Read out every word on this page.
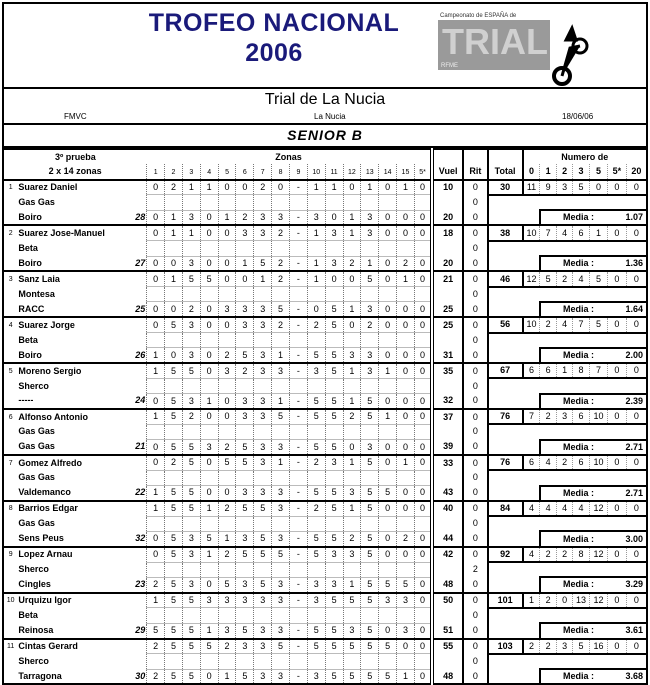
TROFEO NACIONAL
2006
Campeonato de ESPAÑA de
TRIAL
RFME
Trial de La Nucia
FMVC	La Nucia	18/06/06
SENIOR B
3º prueba			Zonas																			Numero de						
2 x 14 zonas			1	2	3	4	5	6	7	8	9	10	11	12	13	14	15	5*	Vuel	Rit	Total	0	1	2	3	5	5*	20
1	Suarez Daniel		0	2	1	1	0	0	2	0	-	1	1	0	1	0	1	0	10	0	30	11	9	3	5	0	0	0
	Gas Gas																			0								
	Boiro	28	0	1	3	0	1	2	3	3	-	3	0	1	3	0	0	0	20	0			Media : 1.07					

2	Suarez Jose-Manuel		0	1	1	0	0	3	3	2	-	1	3	1	3	0	0	0	18	0	38	10	7	4	6	1	0	0
	Beta																			0								
	Boiro	27	0	0	3	0	0	1	5	2	-	1	3	2	1	0	2	0	20	0			Media : 1.36					

3	Sanz Laia		0	1	5	5	0	0	1	2	-	1	0	0	5	0	1	0	21	0	46	12	5	2	4	5	0	0
	Montesa																			0								
	RACC	25	0	0	2	0	3	3	3	5	-	0	5	1	3	0	0	0	25	0			Media : 1.64					

4	Suarez Jorge		0	5	3	0	0	3	3	2	-	2	5	0	2	0	0	0	25	0	56	10	2	4	7	5	0	0
	Beta																			0								
	Boiro	26	1	0	3	0	2	5	3	1	-	5	5	3	3	0	0	0	31	0			Media : 2.00					

5	Moreno Sergio		1	5	5	0	3	2	3	3	-	3	5	1	3	1	0	0	35	0	67	6	6	1	8	7	0	0
	Sherco																			0								
	-----	24	0	5	3	1	0	3	3	1	-	5	5	1	5	0	0	0	32	0			Media : 2.39					

6	Alfonso Antonio		1	5	2	0	0	3	3	5	-	5	5	2	5	1	0	0	37	0	76	7	2	3	6	10	0	0
	Gas Gas																			0								
	Gas Gas	21	0	5	5	3	2	5	3	3	-	5	5	0	3	0	0	0	39	0			Media : 2.71					

7	Gomez Alfredo		0	2	5	0	5	5	3	1	-	2	3	1	5	0	1	0	33	0	76	6	4	2	6	10	0	0
	Gas Gas																			0								
	Valdemanco	22	1	5	5	0	0	3	3	3	-	5	5	3	5	5	0	0	43	0			Media : 2.71					

8	Barrios Edgar		1	5	5	1	2	5	5	3	-	2	5	1	5	0	0	0	40	0	84	4	4	4	4	12	0	0
	Gas Gas																			0								
	Sens Peus	32	0	5	3	5	1	3	5	3	-	5	5	2	5	0	2	0	44	0			Media : 3.00					

9	Lopez Arnau		0	5	3	1	2	5	5	5	-	5	3	3	5	0	0	0	42	0	92	4	2	2	8	12	0	0
	Sherco																			2								
	Cingles	23	2	5	3	0	5	3	5	3	-	3	3	1	5	5	5	0	48	0			Media : 3.29					

10	Urquizu Igor		1	5	5	3	3	3	3	3	-	3	5	5	5	3	3	0	50	0	101	1	2	0	13	12	0	0
	Beta																			0								
	Reinosa	29	5	5	5	1	3	5	3	3	-	5	5	3	5	0	3	0	51	0			Media : 3.61					

11	Cintas Gerard		2	5	5	5	2	3	3	5	-	5	5	5	5	5	0	0	55	0	103	2	2	3	5	16	0	0
	Sherco																			0								
	Tarragona	30	2	5	5	0	1	5	3	3	-	3	5	5	5	5	1	0	48	0			Media : 3.68					
